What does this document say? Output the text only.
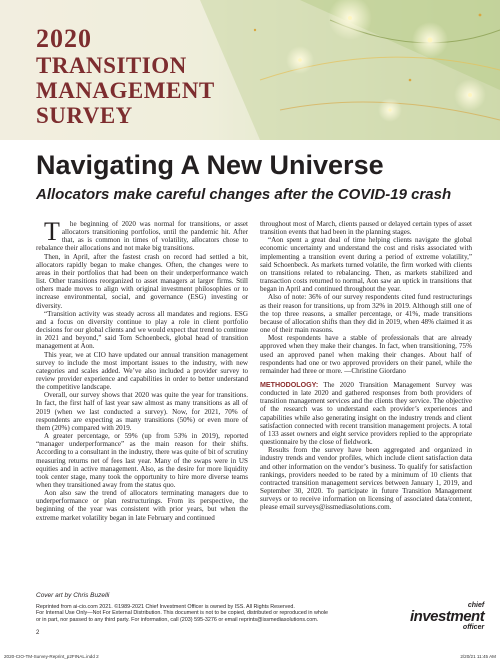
2020
TRANSITION
MANAGEMENT
SURVEY
Navigating A New Universe
Allocators make careful changes after the COVID-19 crash

T he beginning of 2020 was normal for transitions, or asset allocators transitioning portfolios, until the pandemic hit. After that, as is common in times of volatility, allocators chose to rebalance their allocations and not make big transitions.

Then, in April, after the fastest crash on record had settled a bit, allocators rapidly began to make changes. Often, the changes were to areas in their portfolios that had been on their underperformance watch list. Other transitions reorganized to asset managers at larger firms. Still others made moves to align with original investment philosophies or to increase environmental, social, and governance (ESG) investing or diversity.

“Transition activity was steady across all mandates and regions. ESG and a focus on diversity continue to play a role in client portfolio decisions for our global clients and we would expect that trend to continue in 2021 and beyond,” said Tom Schoenbeck, global head of transition management at Aon.

This year, we at CIO have updated our annual transition management survey to include the most important issues to the industry, with new categories and scales added. We’ve also included a provider survey to review provider experience and capabilities in order to better understand the competitive landscape.

Overall, our survey shows that 2020 was quite the year for transitions. In fact, the first half of last year saw almost as many transitions as all of 2019 (when we last conducted a survey). Now, for 2021, 70% of respondents are expecting as many transitions (50%) or even more of them (20%) compared with 2019.

A greater percentage, or 59% (up from 53% in 2019), reported “manager underperformance” as the main reason for their shifts. According to a consultant in the industry, there was quite of bit of scrutiny measuring returns net of fees last year. Many of the swaps were in US equities and in active management. Also, as the desire for more liquidity took center stage, many took the opportunity to hire more diverse teams when they transitioned away from the status quo.

Aon also saw the trend of allocators terminating managers due to underperformance or plan restructurings. From its perspective, the beginning of the year was consistent with prior years, but when the extreme market volatility began in late February and continued

throughout most of March, clients paused or delayed certain types of asset transition events that had been in the planning stages.

“Aon spent a great deal of time helping clients navigate the global economic uncertainty and understand the cost and risks associated with implementing a transition event during a period of extreme volatility,” said Schoenbeck. As markets turned volatile, the firm worked with clients on transitions related to rebalancing. Then, as markets stabilized and transaction costs returned to normal, Aon saw an uptick in transitions that began in April and continued throughout the year.

Also of note: 36% of our survey respondents cited fund restructurings as their reason for transitions, up from 32% in 2019. Although still one of the top three reasons, a smaller percentage, or 41%, made transitions because of allocation shifts than they did in 2019, when 48% claimed it as one of their main reasons.

Most respondents have a stable of professionals that are already approved when they make their changes. In fact, when transitioning, 75% used an approved panel when making their changes. About half of respondents had one or two approved providers on their panel, while the remainder had three or more. —Christine Giordano

METHODOLOGY: The 2020 Transition Management Survey was conducted in late 2020 and gathered responses from both providers of transition management services and the clients they service. The objective of the research was to understand each provider’s experiences and capabilities while also generating insight on the industry trends and client satisfaction connected with recent transition management projects. A total of 133 asset owners and eight service providers replied to the appropriate questionnaire by the close of fieldwork.

Results from the survey have been aggregated and organized in industry trends and vendor profiles, which include client satisfaction data and other information on the vendor’s business. To qualify for satisfaction rankings, providers needed to be rated by a minimum of 10 clients that contracted transition management services between January 1, 2019, and September 30, 2020. To participate in future Transition Management surveys or to receive information on licensing of associated data/content, please email surveys@issmediasolutions.com.

Cover art by Chris Buzelli
Reprinted from ai-cio.com 2021. ©1989-2021 Chief Investment Officer is owned by ISS. All Rights Reserved.
For Internal Use Only—Not For External Distribution. This document is not to be copied, distributed or reproduced in whole
or in part, nor passed to any third party. For information, call (203) 595-3276 or email reprints@issmediasolutions.com.
2
chief
investment
officer
2020-CIO-TM-Survey-Reprint_p2FINAL.indd 2	2/20/21 11:45 AM
